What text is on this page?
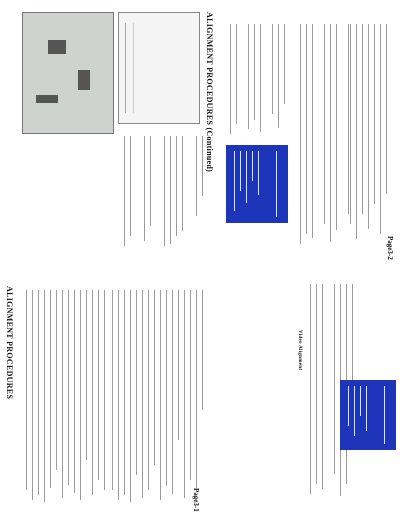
ALIGNMENT PROCEDURES
Page3-1
ALIGNMENT PROCEDURES (Continued)
Video Alignment
Page3-2
